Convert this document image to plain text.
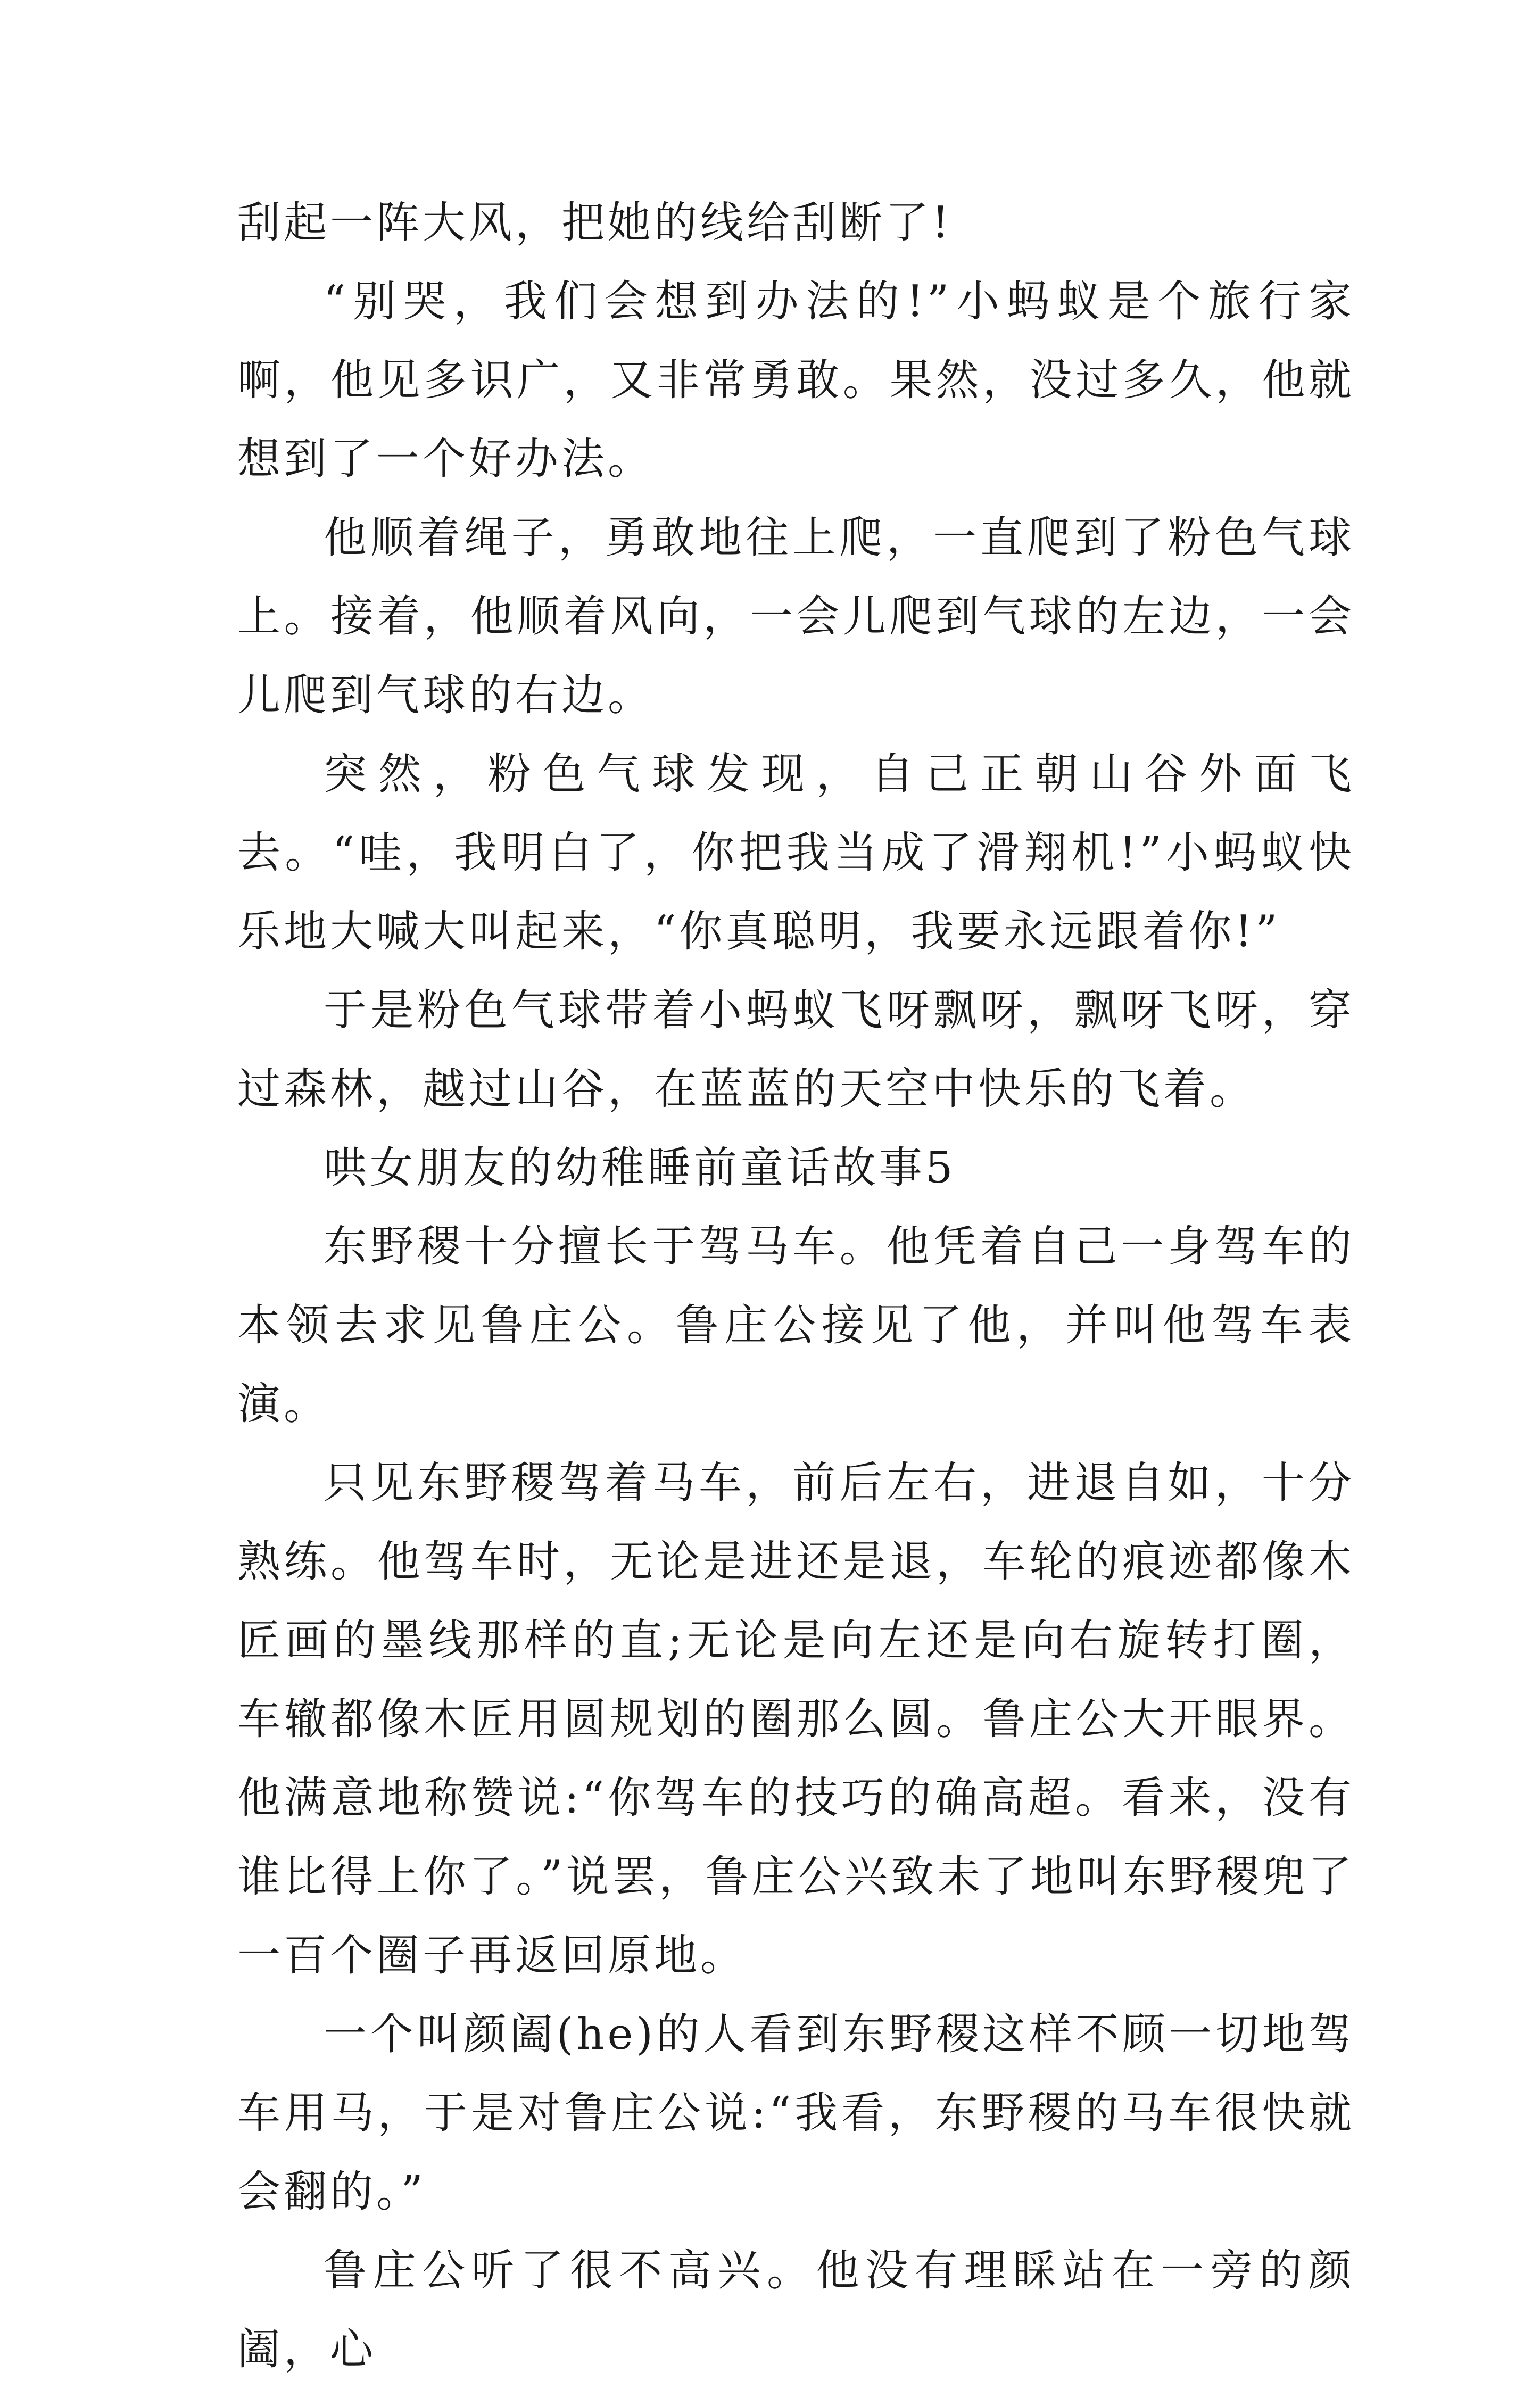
刮起一阵大风，把她的线给刮断了!

“别哭，我们会想到办法的!”小蚂蚁是个旅行家啊，他见多识广，又非常勇敢。果然，没过多久，他就想到了一个好办法。

他顺着绳子，勇敢地往上爬，一直爬到了粉色气球上。接着，他顺着风向，一会儿爬到气球的左边，一会儿爬到气球的右边。

突然，粉色气球发现，自己正朝山谷外面飞去。“哇，我明白了，你把我当成了滑翔机!”小蚂蚁快乐地大喊大叫起来，“你真聪明，我要永远跟着你!”

于是粉色气球带着小蚂蚁飞呀飘呀，飘呀飞呀，穿过森林，越过山谷，在蓝蓝的天空中快乐的飞着。

哄女朋友的幼稚睡前童话故事5

东野稷十分擅长于驾马车。他凭着自己一身驾车的本领去求见鲁庄公。鲁庄公接见了他，并叫他驾车表演。

只见东野稷驾着马车，前后左右，进退自如，十分熟练。他驾车时，无论是进还是退，车轮的痕迹都像木匠画的墨线那样的直;无论是向左还是向右旋转打圈，车辙都像木匠用圆规划的圈那么圆。鲁庄公大开眼界。他满意地称赞说:“你驾车的技巧的确高超。看来，没有谁比得上你了。”说罢，鲁庄公兴致未了地叫东野稷兜了一百个圈子再返回原地。

一个叫颜阖(he)的人看到东野稷这样不顾一切地驾车用马，于是对鲁庄公说:“我看，东野稷的马车很快就会翻的。”

鲁庄公听了很不高兴。他没有理睬站在一旁的颜阖，心
